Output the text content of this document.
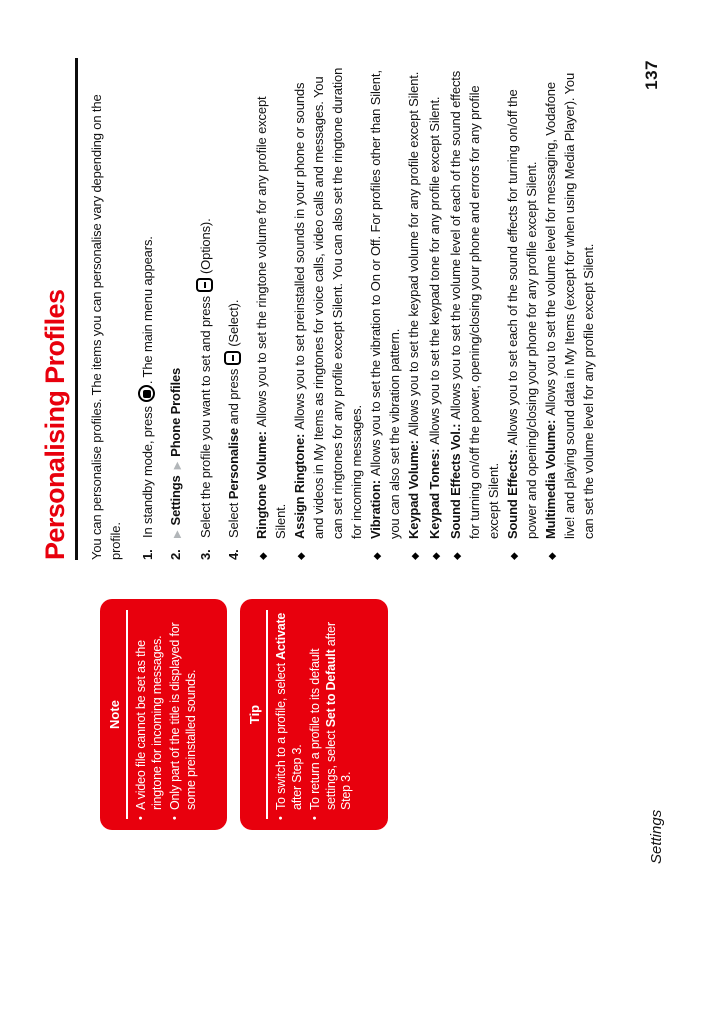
Note
•
A video file cannot be set as the ringtone for incoming messages.
•
Only part of the title is displayed for some preinstalled sounds.	Tip
•
To switch to a profile, select Activate after Step 3.
•
To return a profile to its default settings, select Set to Default after Step 3.
Personalising Profiles You can personalise profiles. The items you can personalise vary depending on the profile. 1.
In standby mode, press. The main menu appears.
2.
▶Settings▶Phone Profiles
3.
Select the profile you want to set and press(Options).
4.
Select Personalise and press(Select).
◆
Ringtone Volume:Allows you to set the ringtone volume for any profile except Silent.
◆
Assign Ringtone:Allows you to set preinstalled sounds in your phone or sounds and videos in My Items as ringtones for voice calls, video calls and messages. You can set ringtones for any profile except Silent. You can also set the ringtone duration for incoming messages.
◆
Vibration:Allows you to set the vibration to On or Off. For profiles other than Silent, you can also set the vibration pattern.
◆
Keypad Volume:Allows you to set the keypad volume for any profile except Silent.
◆
Keypad Tones:Allows you to set the keypad tone for any profile except Silent.
◆
Sound Effects Vol.:Allows you to set the volume level of each of the sound effects for turning on/off the power, opening/closing your phone and errors for any profile except Silent.
◆
Sound Effects:Allows you to set each of the sound effects for turning on/off the power and opening/closing your phone for any profile except Silent.
◆
Multimedia Volume:Allows you to set the volume level for messaging, Vodafone live! and playing sound data in My Items (except for when using Media Player). You can set the volume level for any profile except Silent.
Settings
137
